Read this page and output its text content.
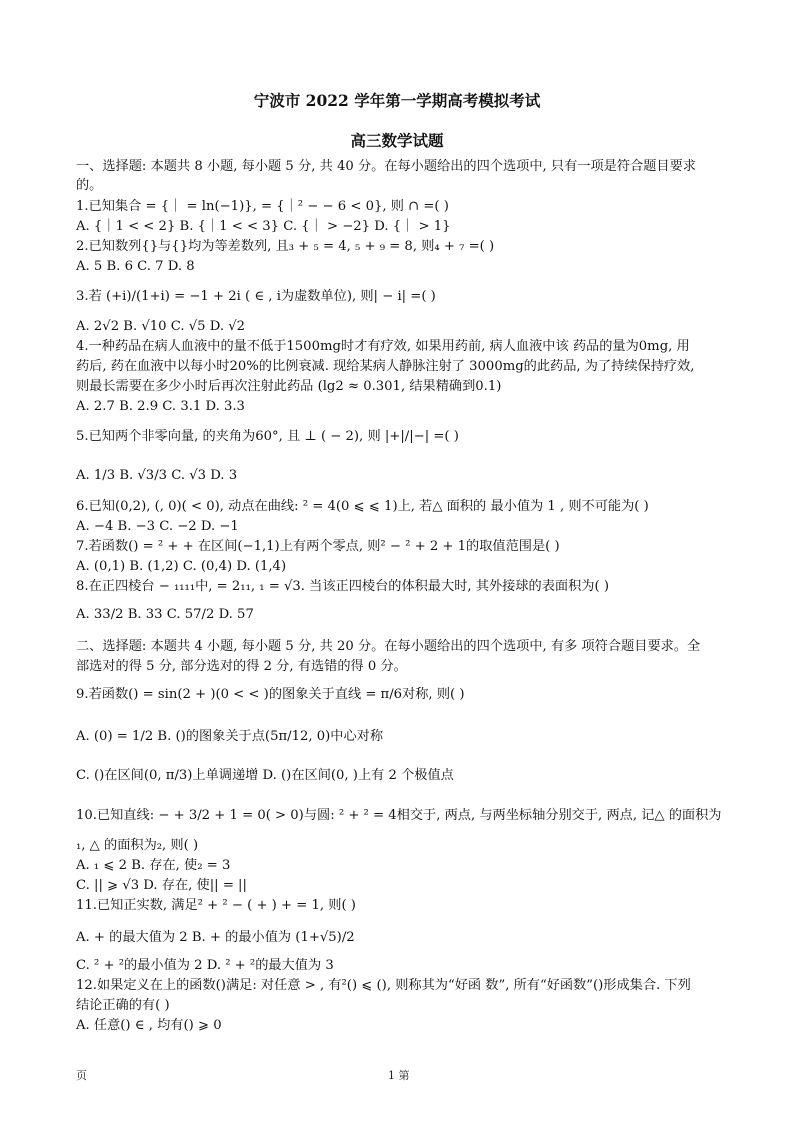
宁波市 2022 学年第一学期高考模拟考试
高三数学试题
一、选择题: 本题共 8 小题, 每小题 5 分, 共 40 分。在每小题给出的四个选项中, 只有一项是符合题目要求
的。
1.已知集合 = {｜ = ln(−1)}, = {｜² − − 6 < 0}, 则 ∩ =( )
A. {｜1 < < 2} B. {｜1 < < 3} C. {｜ > −2} D. {｜ > 1}
2.已知数列{}与{}均为等差数列, 且₃ + ₅ = 4, ₅ + ₉ = 8, 则₄ + ₇ =( )
A. 5 B. 6 C. 7 D. 8
3.若 (+i)/(1+i) = −1 + 2i ( ∈ , i为虚数单位), 则| − i| =( )
A. 2√2 B. √10 C. √5 D. √2
4.一种药品在病人血液中的量不低于1500mg时才有疗效, 如果用药前, 病人血液中该 药品的量为0mg, 用
药后, 药在血液中以每小时20%的比例衰减. 现给某病人静脉注射了 3000mg的此药品, 为了持续保持疗效,
则最长需要在多少小时后再次注射此药品 (lg2 ≈ 0.301, 结果精确到0.1)
A. 2.7 B. 2.9 C. 3.1 D. 3.3
5.已知两个非零向量, 的夹角为60°, 且 ⊥ ( − 2), 则 |+|/|−| =( )
A. 1/3 B. √3/3 C. √3 D. 3
6.已知(0,2), (, 0)( < 0), 动点在曲线: ² = 4(0 ⩽ ⩽ 1)上, 若△ 面积的 最小值为 1 , 则不可能为( )
A. −4 B. −3 C. −2 D. −1
7.若函数() = ² + + 在区间(−1,1)上有两个零点, 则² − ² + 2 + 1的取值范围是( )
A. (0,1) B. (1,2) C. (0,4) D. (1,4)
8.在正四棱台 − ₁₁₁₁中, = 2₁₁, ₁ = √3. 当该正四棱台的体积最大时, 其外接球的表面积为( )
A. 33/2 B. 33 C. 57/2 D. 57
二、选择题: 本题共 4 小题, 每小题 5 分, 共 20 分。在每小题给出的四个选项中, 有多 项符合题目要求。全
部选对的得 5 分, 部分选对的得 2 分, 有选错的得 0 分。
9.若函数() = sin(2 + )(0 < < )的图象关于直线 = π/6对称, 则( )
A. (0) = 1/2 B. ()的图象关于点(5π/12, 0)中心对称
C. ()在区间(0, π/3)上单调递增 D. ()在区间(0, )上有 2 个极值点
10.已知直线: − + 3/2 + 1 = 0( > 0)与圆: ² + ² = 4相交于, 两点, 与两坐标轴分别交于, 两点, 记△ 的面积为
₁, △ 的面积为₂, 则( )
A. ₁ ⩽ 2 B. 存在, 使₂ = 3
C. || ⩾ √3 D. 存在, 使|| = ||
11.已知正实数, 满足² + ² − ( + ) + = 1, 则( )
A. + 的最大值为 2 B. + 的最小值为 (1+√5)/2
C. ² + ²的最小值为 2 D. ² + ²的最大值为 3
12.如果定义在上的函数()满足: 对任意 > , 有²() ⩽ (), 则称其为“好函 数”, 所有“好函数”()形成集合. 下列
结论正确的有( )
A. 任意() ∈ , 均有() ⩾ 0
页	1 第
